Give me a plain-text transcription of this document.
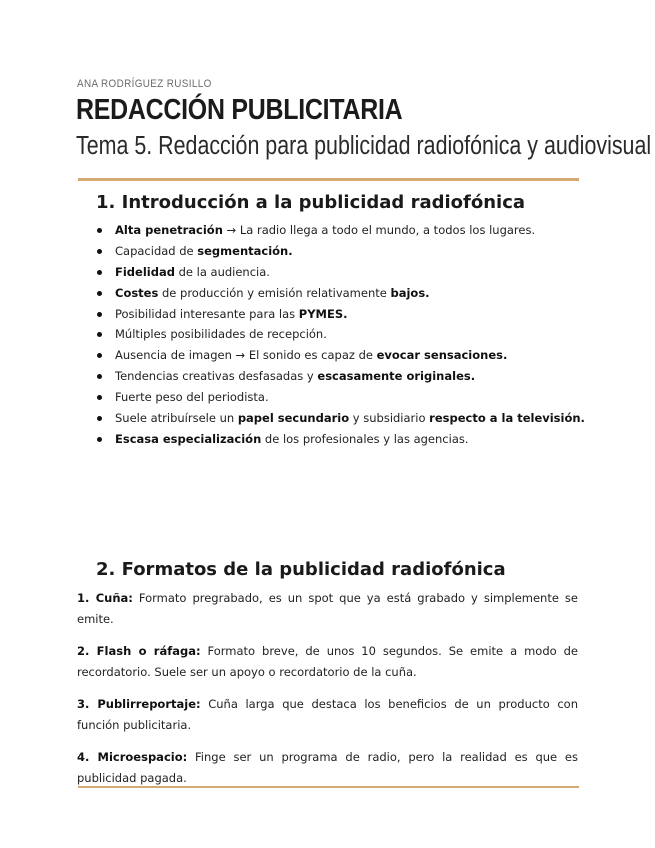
ANA RODRÍGUEZ RUSILLO
REDACCIÓN PUBLICITARIA
Tema 5. Redacción para publicidad radiofónica y audiovisual
1. Introducción a la publicidad radiofónica
Alta penetración → La radio llega a todo el mundo, a todos los lugares.
Capacidad de segmentación.
Fidelidad de la audiencia.
Costes de producción y emisión relativamente bajos.
Posibilidad interesante para las PYMES.
Múltiples posibilidades de recepción.
Ausencia de imagen → El sonido es capaz de evocar sensaciones.
Tendencias creativas desfasadas y escasamente originales.
Fuerte peso del periodista.
Suele atribuírsele un papel secundario y subsidiario respecto a la televisión.
Escasa especialización de los profesionales y las agencias.
2. Formatos de la publicidad radiofónica
1. Cuña: Formato pregrabado, es un spot que ya está grabado y simplemente se emite.
2. Flash o ráfaga: Formato breve, de unos 10 segundos. Se emite a modo de recordatorio. Suele ser un apoyo o recordatorio de la cuña.
3. Publirreportaje: Cuña larga que destaca los beneficios de un producto con función publicitaria.
4. Microespacio: Finge ser un programa de radio, pero la realidad es que es publicidad pagada.
